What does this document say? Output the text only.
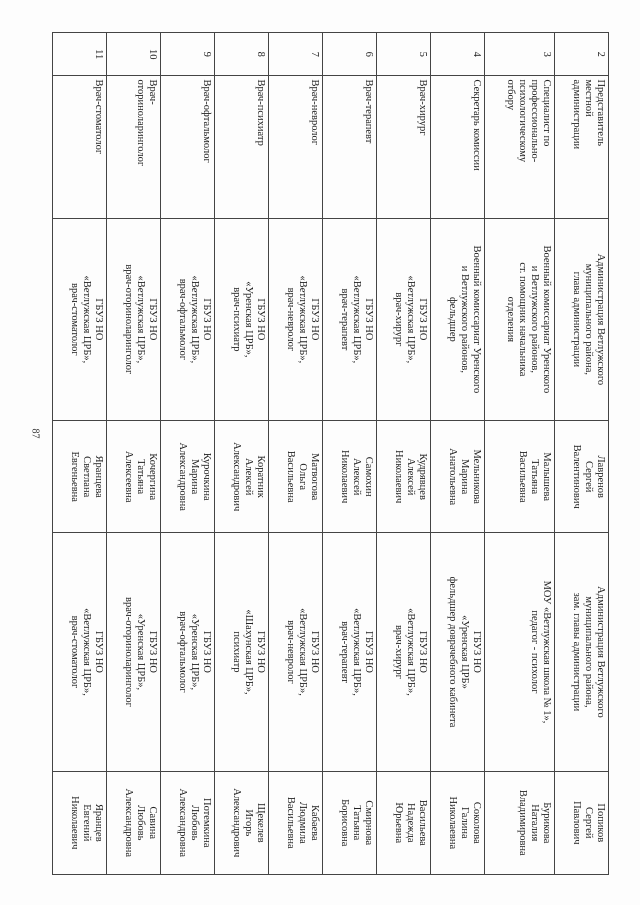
87
2	Представитель
местной
администрации	Администрация Ветлужского
муниципального района,
глава администрации	Лавренов
Сергей
Валентинович	Администрация Ветлужского
муниципального района,
зам. главы администрации	Попиков
Сергей
Павлович

3	Специалист по
профессионально-
психологическому
отбору	Военный комиссариат Уренского
и Ветлужского районов,
ст. помощник начальника
отделения	Малышева
Татьяна
Васильевна	МОУ «Ветлужская школа № 1»,
педагог - психолог	Бурикова
Наталия
Владимировна

4	Секретарь комиссии	Военный комиссариат Уренского
и Ветлужского районов,
фельдшер	Мельникова
Марина
Анатольевна	ГБУЗ НО
«Уренская ЦРБ»
фельдшер доврачебного кабинета	Соколова
Галина
Николаевна

5	Врач-хирург	ГБУЗ НО
«Ветлужская ЦРБ»,
врач-хирург	Кудрявцев
Алексей
Николаевич	ГБУЗ НО
«Ветлужская ЦРБ»,
врач-хирург	Васильева
Надежда
Юрьевна

6	Врач-терапевт	ГБУЗ НО
«Ветлужская ЦРБ»,
врач-терапевт	Самохин
Алексей
Николаевич	ГБУЗ НО
«Ветлужская ЦРБ»,
врач-терапевт	Смирнова
Татьяна
Борисовна

7	Врач-невролог	ГБУЗ НО
«Ветлужская ЦРБ»,
врач-невролог	Матвогова
Ольга
Васильевна	ГБУЗ НО
«Ветлужская ЦРБ»,
врач-невролог	Кабаева
Людмила
Васильевна

8	Врач-психиатр	ГБУЗ НО
«Уренская ЦРБ»,
врач-психиатр	Коратник
Алексей
Александрович	ГБУЗ НО
«Шахунская ЦРБ»,
психиатр	Щекелев
Игорь
Александрович

9	Врач-офтальмолог	ГБУЗ НО
«Ветлужская ЦРБ»,
врач-офтальмолог	Курочкина
Марина
Александровна	ГБУЗ НО
«Уренская ЦРБ»,
врач-офтальмолог	Потемкина
Любовь
Александровна

10	Врач-
оториноларинголог	ГБУЗ НО
«Ветлужская ЦРБ»,
врач-оториноларинголог	Кочергина
Татьяна
Алексеевна	ГБУЗ НО
«Уренская ЦРБ»,
врач-оториноларинголог	Савина
Любовь
Александровна

11	Врач-стоматолог	ГБУЗ НО
«Ветлужская ЦРБ»,
врач-стоматолог	Яранцева
Светлана
Евгеньевна	ГБУЗ НО
«Ветлужская ЦРБ»,
врач-стоматолог	Яранцев
Евгений
Николаевич
